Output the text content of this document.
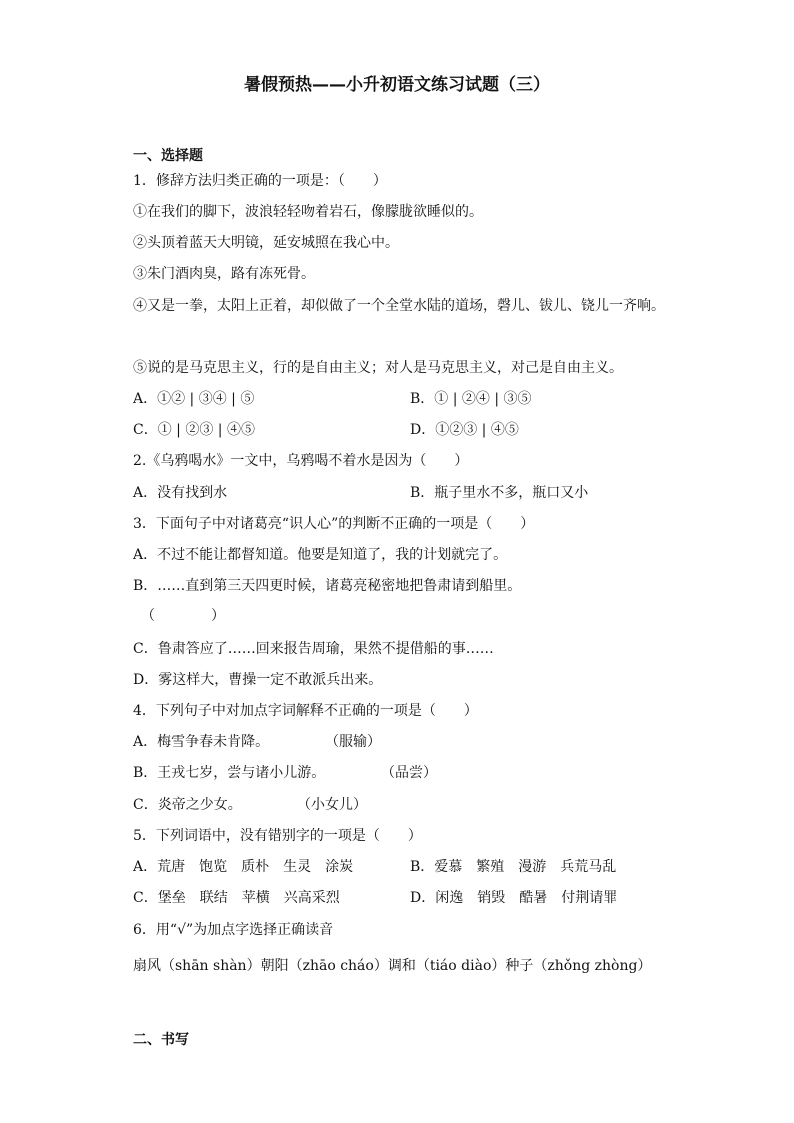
暑假预热——小升初语文练习试题（三）
一、选择题
1．修辞方法归类正确的一项是：（　　）
①在我们的脚下，波浪轻轻吻着岩石，像朦胧欲睡似的。
②头顶着蓝天大明镜，延安城照在我心中。
③朱门酒肉臭，路有冻死骨。
④又是一拳，太阳上正着，却似做了一个全堂水陆的道场，磬儿、钹儿、铙儿一齐响。
⑤说的是马克思主义，行的是自由主义；对人是马克思主义，对己是自由主义。
A．①② | ③④ | ⑤	B．① | ②④ | ③⑤
C．① | ②③ | ④⑤	D．①②③ | ④⑤
2.《乌鸦喝水》一文中，乌鸦喝不着水是因为（　　）
A．没有找到水	B．瓶子里水不多，瓶口又小
3．下面句子中对诸葛亮“识人心”的判断不正确的一项是（　　）
A．不过不能让都督知道。他要是知道了，我的计划就完了。
B．……直到第三天四更时候，诸葛亮秘密地把鲁肃请到船里。
（　　　　）
C．鲁肃答应了……回来报告周瑜，果然不提借船的事……
D．雾这样大，曹操一定不敢派兵出来。
4．下列句子中对加点字词解释不正确的一项是（　　）
A．梅雪争春未肯降。	（服输）
B．王戎七岁，尝与诸小儿游。	（品尝）
C．炎帝之少女。	（小女儿）
5．下列词语中，没有错别字的一项是（　　）
A．荒唐 饱览 质朴 生灵 涂炭	B．爱慕 繁殖 漫游 兵荒马乱
C．堡垒 联结 苹横 兴高采烈	D．闲逸 销毁 酷暑 付荆请罪
6．用“√”为加点字选择正确读音
扇风（shān shàn）朝阳（zhāo cháo）调和（tiáo diào）种子（zhǒng zhòng）
二、书写
